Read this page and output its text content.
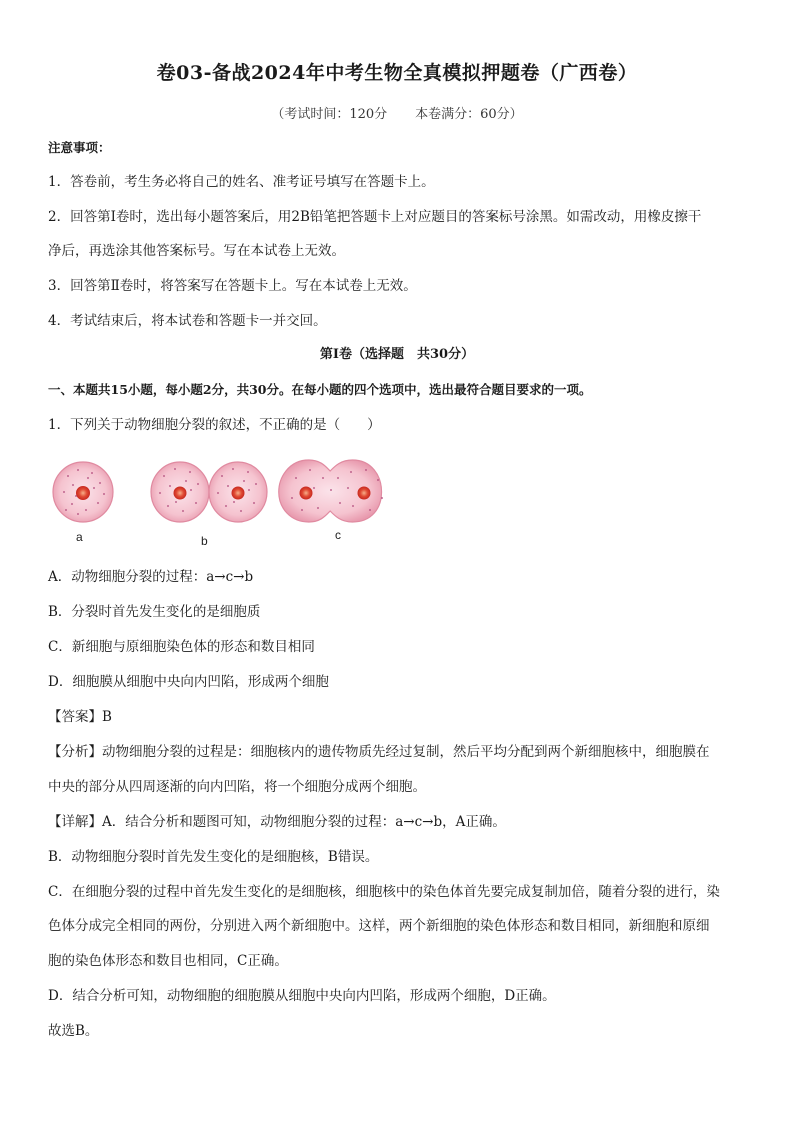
卷03-备战2024年中考生物全真模拟押题卷（广西卷）
（考试时间：120分 本卷满分：60分）
注意事项：
1．答卷前，考生务必将自己的姓名、准考证号填写在答题卡上。
2．回答第Ⅰ卷时，选出每小题答案后，用2B铅笔把答题卡上对应题目的答案标号涂黑。如需改动，用橡皮擦干
净后，再选涂其他答案标号。写在本试卷上无效。
3．回答第Ⅱ卷时，将答案写在答题卡上。写在本试卷上无效。
4．考试结束后，将本试卷和答题卡一并交回。
第Ⅰ卷（选择题　共30分）
一、本题共15小题，每小题2分，共30分。在每小题的四个选项中，选出最符合题目要求的一项。
1．下列关于动物细胞分裂的叙述，不正确的是（　　）
a	b	c
A．动物细胞分裂的过程：a→c→b
B．分裂时首先发生变化的是细胞质
C．新细胞与原细胞染色体的形态和数目相同
D．细胞膜从细胞中央向内凹陷，形成两个细胞
【答案】B
【分析】动物细胞分裂的过程是：细胞核内的遗传物质先经过复制，然后平均分配到两个新细胞核中，细胞膜在
中央的部分从四周逐渐的向内凹陷，将一个细胞分成两个细胞。
【详解】A．结合分析和题图可知，动物细胞分裂的过程：a→c→b，A正确。
B．动物细胞分裂时首先发生变化的是细胞核，B错误。
C．在细胞分裂的过程中首先发生变化的是细胞核，细胞核中的染色体首先要完成复制加倍，随着分裂的进行，染
色体分成完全相同的两份，分别进入两个新细胞中。这样，两个新细胞的染色体形态和数目相同，新细胞和原细
胞的染色体形态和数目也相同，C正确。
D．结合分析可知，动物细胞的细胞膜从细胞中央向内凹陷，形成两个细胞，D正确。
故选B。
